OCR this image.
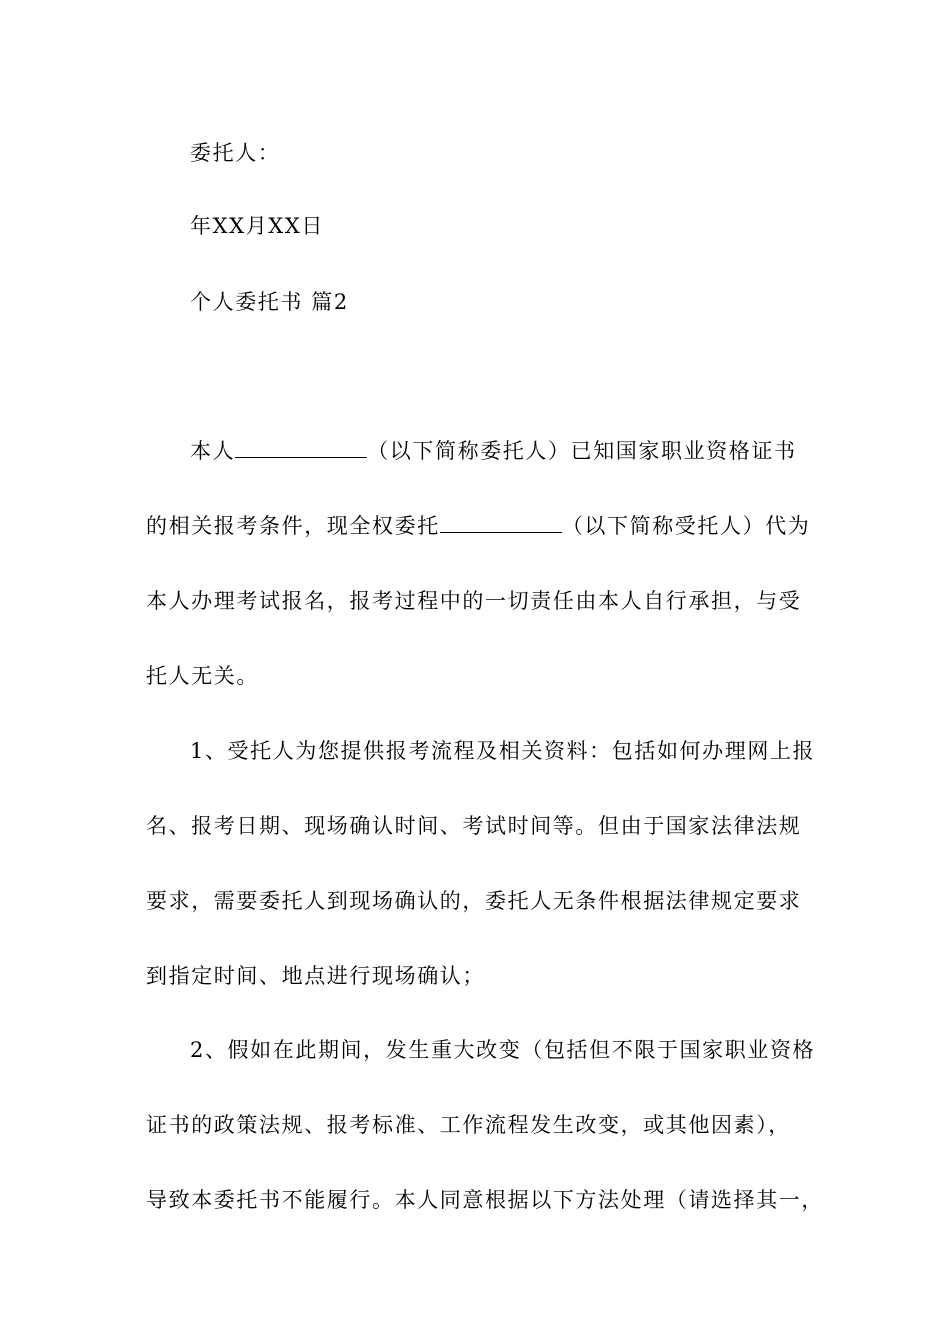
委托人：
年XX月XX日
个人委托书 篇2
本人	（以下简称委托人）已知国家职业资格证书
的相关报考条件，现全权委托	（以下简称受托人）代为
本人办理考试报名，报考过程中的一切责任由本人自行承担，与受
托人无关。
1、受托人为您提供报考流程及相关资料：包括如何办理网上报
名、报考日期、现场确认时间、考试时间等。但由于国家法律法规
要求，需要委托人到现场确认的，委托人无条件根据法律规定要求
到指定时间、地点进行现场确认；
2、假如在此期间，发生重大改变（包括但不限于国家职业资格
证书的政策法规、报考标准、工作流程发生改变，或其他因素），
导致本委托书不能履行。本人同意根据以下方法处理（请选择其一，
